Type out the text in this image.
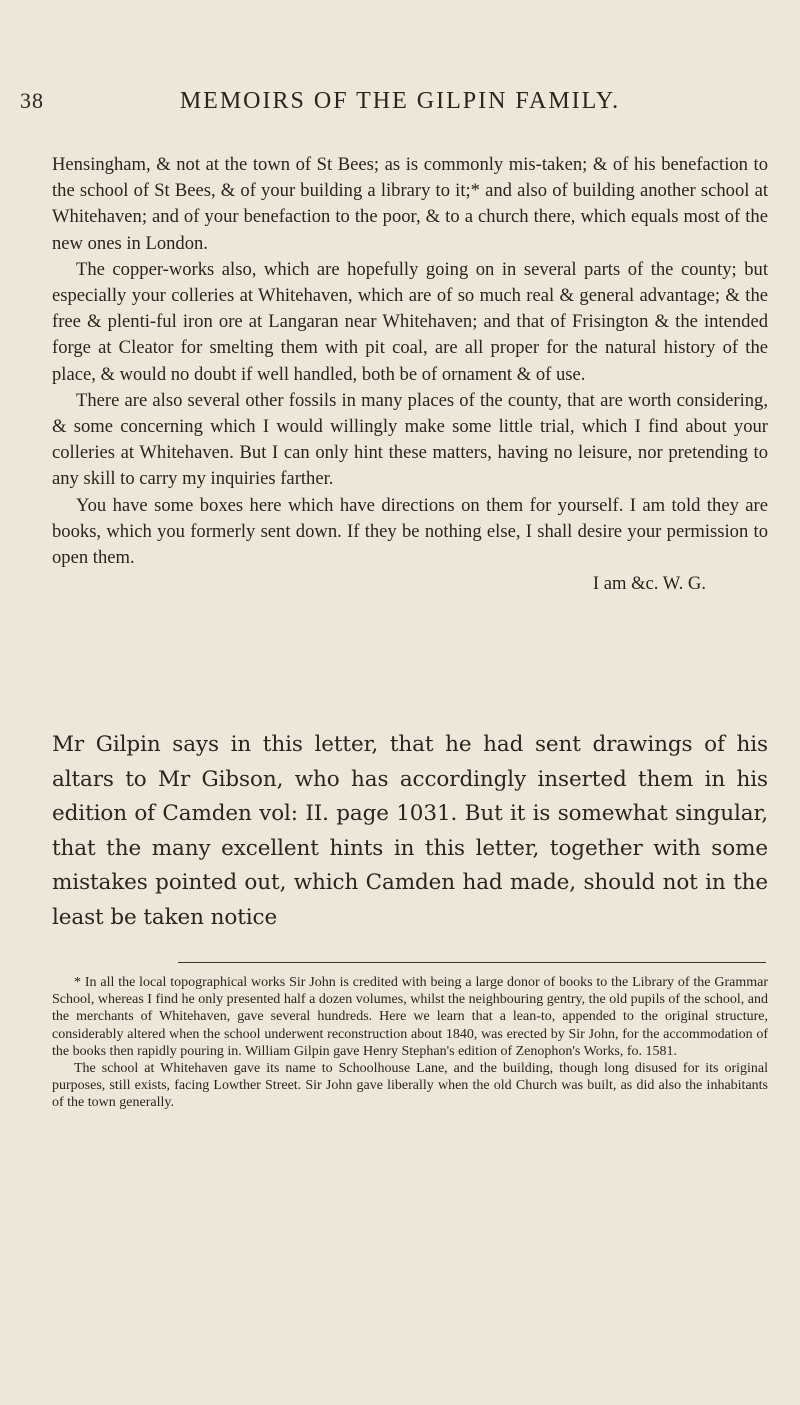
38	MEMOIRS OF THE GILPIN FAMILY.

Hensingham, & not at the town of St Bees; as is commonly mis-taken; & of his benefaction to the school of St Bees, & of your building a library to it;* and also of building another school at Whitehaven; and of your benefaction to the poor, & to a church there, which equals most of the new ones in London.

The copper-works also, which are hopefully going on in several parts of the county; but especially your colleries at Whitehaven, which are of so much real & general advantage; & the free & plenti-ful iron ore at Langaran near Whitehaven; and that of Frisington & the intended forge at Cleator for smelting them with pit coal, are all proper for the natural history of the place, & would no doubt if well handled, both be of ornament & of use.

There are also several other fossils in many places of the county, that are worth considering, & some concerning which I would willingly make some little trial, which I find about your colleries at Whitehaven. But I can only hint these matters, having no leisure, nor pretending to any skill to carry my inquiries farther.

You have some boxes here which have directions on them for yourself. I am told they are books, which you formerly sent down. If they be nothing else, I shall desire your permission to open them.

I am &c. W. G.

Mr Gilpin says in this letter, that he had sent drawings of his altars to Mr Gibson, who has accordingly inserted them in his edition of Camden vol: II. page 1031. But it is somewhat singular, that the many excellent hints in this letter, together with some mistakes pointed out, which Camden had made, should not in the least be taken notice

* In all the local topographical works Sir John is credited with being a large donor of books to the Library of the Grammar School, whereas I find he only presented half a dozen volumes, whilst the neighbouring gentry, the old pupils of the school, and the merchants of Whitehaven, gave several hundreds. Here we learn that a lean-to, appended to the original structure, considerably altered when the school underwent reconstruction about 1840, was erected by Sir John, for the accommodation of the books then rapidly pouring in. William Gilpin gave Henry Stephan's edition of Zenophon's Works, fo. 1581.

The school at Whitehaven gave its name to Schoolhouse Lane, and the building, though long disused for its original purposes, still exists, facing Lowther Street. Sir John gave liberally when the old Church was built, as did also the inhabitants of the town generally.
